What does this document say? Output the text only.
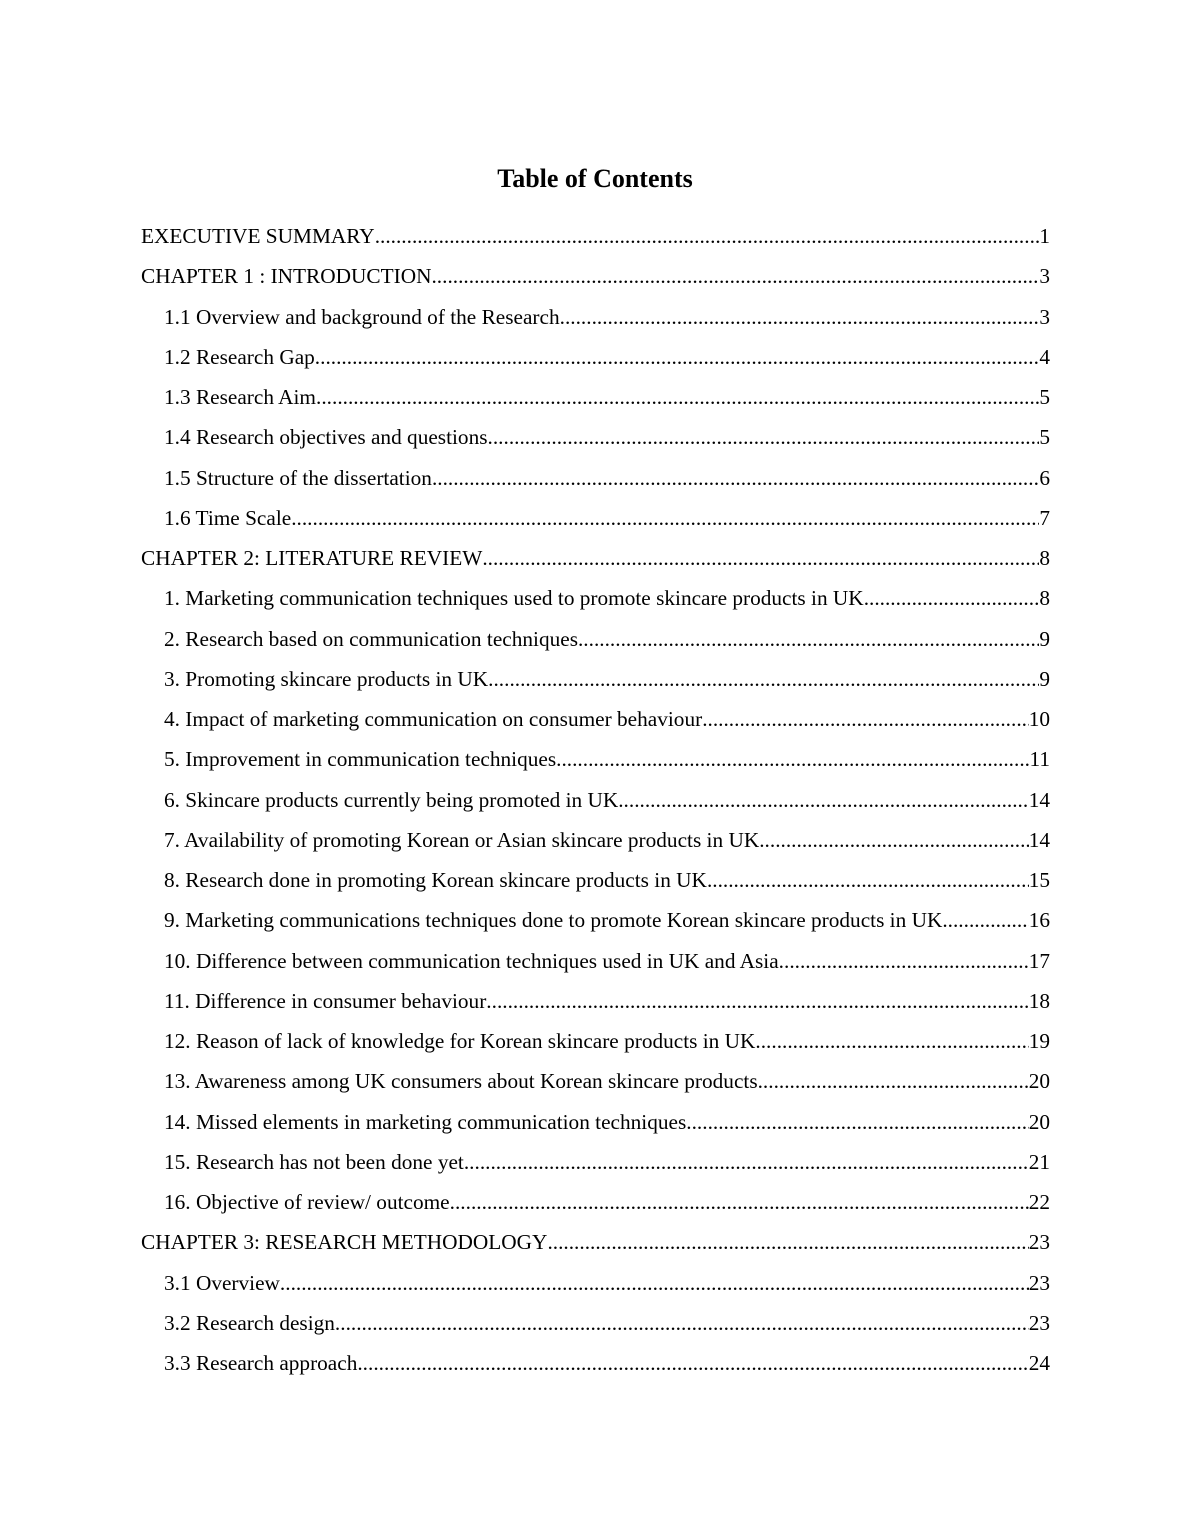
Table of Contents
EXECUTIVE SUMMARY .....	1
CHAPTER 1 : INTRODUCTION .....	3
1.1 Overview and background of the Research .....	3
1.2 Research Gap .....	4
1.3 Research Aim .....	5
1.4 Research objectives and questions .....	5
1.5 Structure of the dissertation .....	6
1.6 Time Scale .....	7
CHAPTER 2: LITERATURE REVIEW .....	8
1. Marketing communication techniques used to promote skincare products in UK .....	8
2. Research based on communication techniques .....	9
3. Promoting skincare products in UK .....	9
4. Impact of marketing communication on consumer behaviour .....	10
5. Improvement in communication techniques .....	11
6. Skincare products currently being promoted in UK .....	14
7. Availability of promoting Korean or Asian skincare products in UK .....	14
8. Research done in promoting Korean skincare products in UK .....	15
9. Marketing communications techniques done to promote Korean skincare products in UK. .....	16
10. Difference between communication techniques used in UK and Asia .....	17
11. Difference in consumer behaviour .....	18
12. Reason of lack of knowledge for Korean skincare products in UK .....	19
13. Awareness among UK consumers about Korean skincare products .....	20
14. Missed elements in marketing communication techniques .....	20
15. Research has not been done yet .....	21
16. Objective of review/ outcome .....	22
CHAPTER 3: RESEARCH METHODOLOGY .....	23
3.1 Overview .....	23
3.2 Research design .....	23
3.3 Research approach .....	24
